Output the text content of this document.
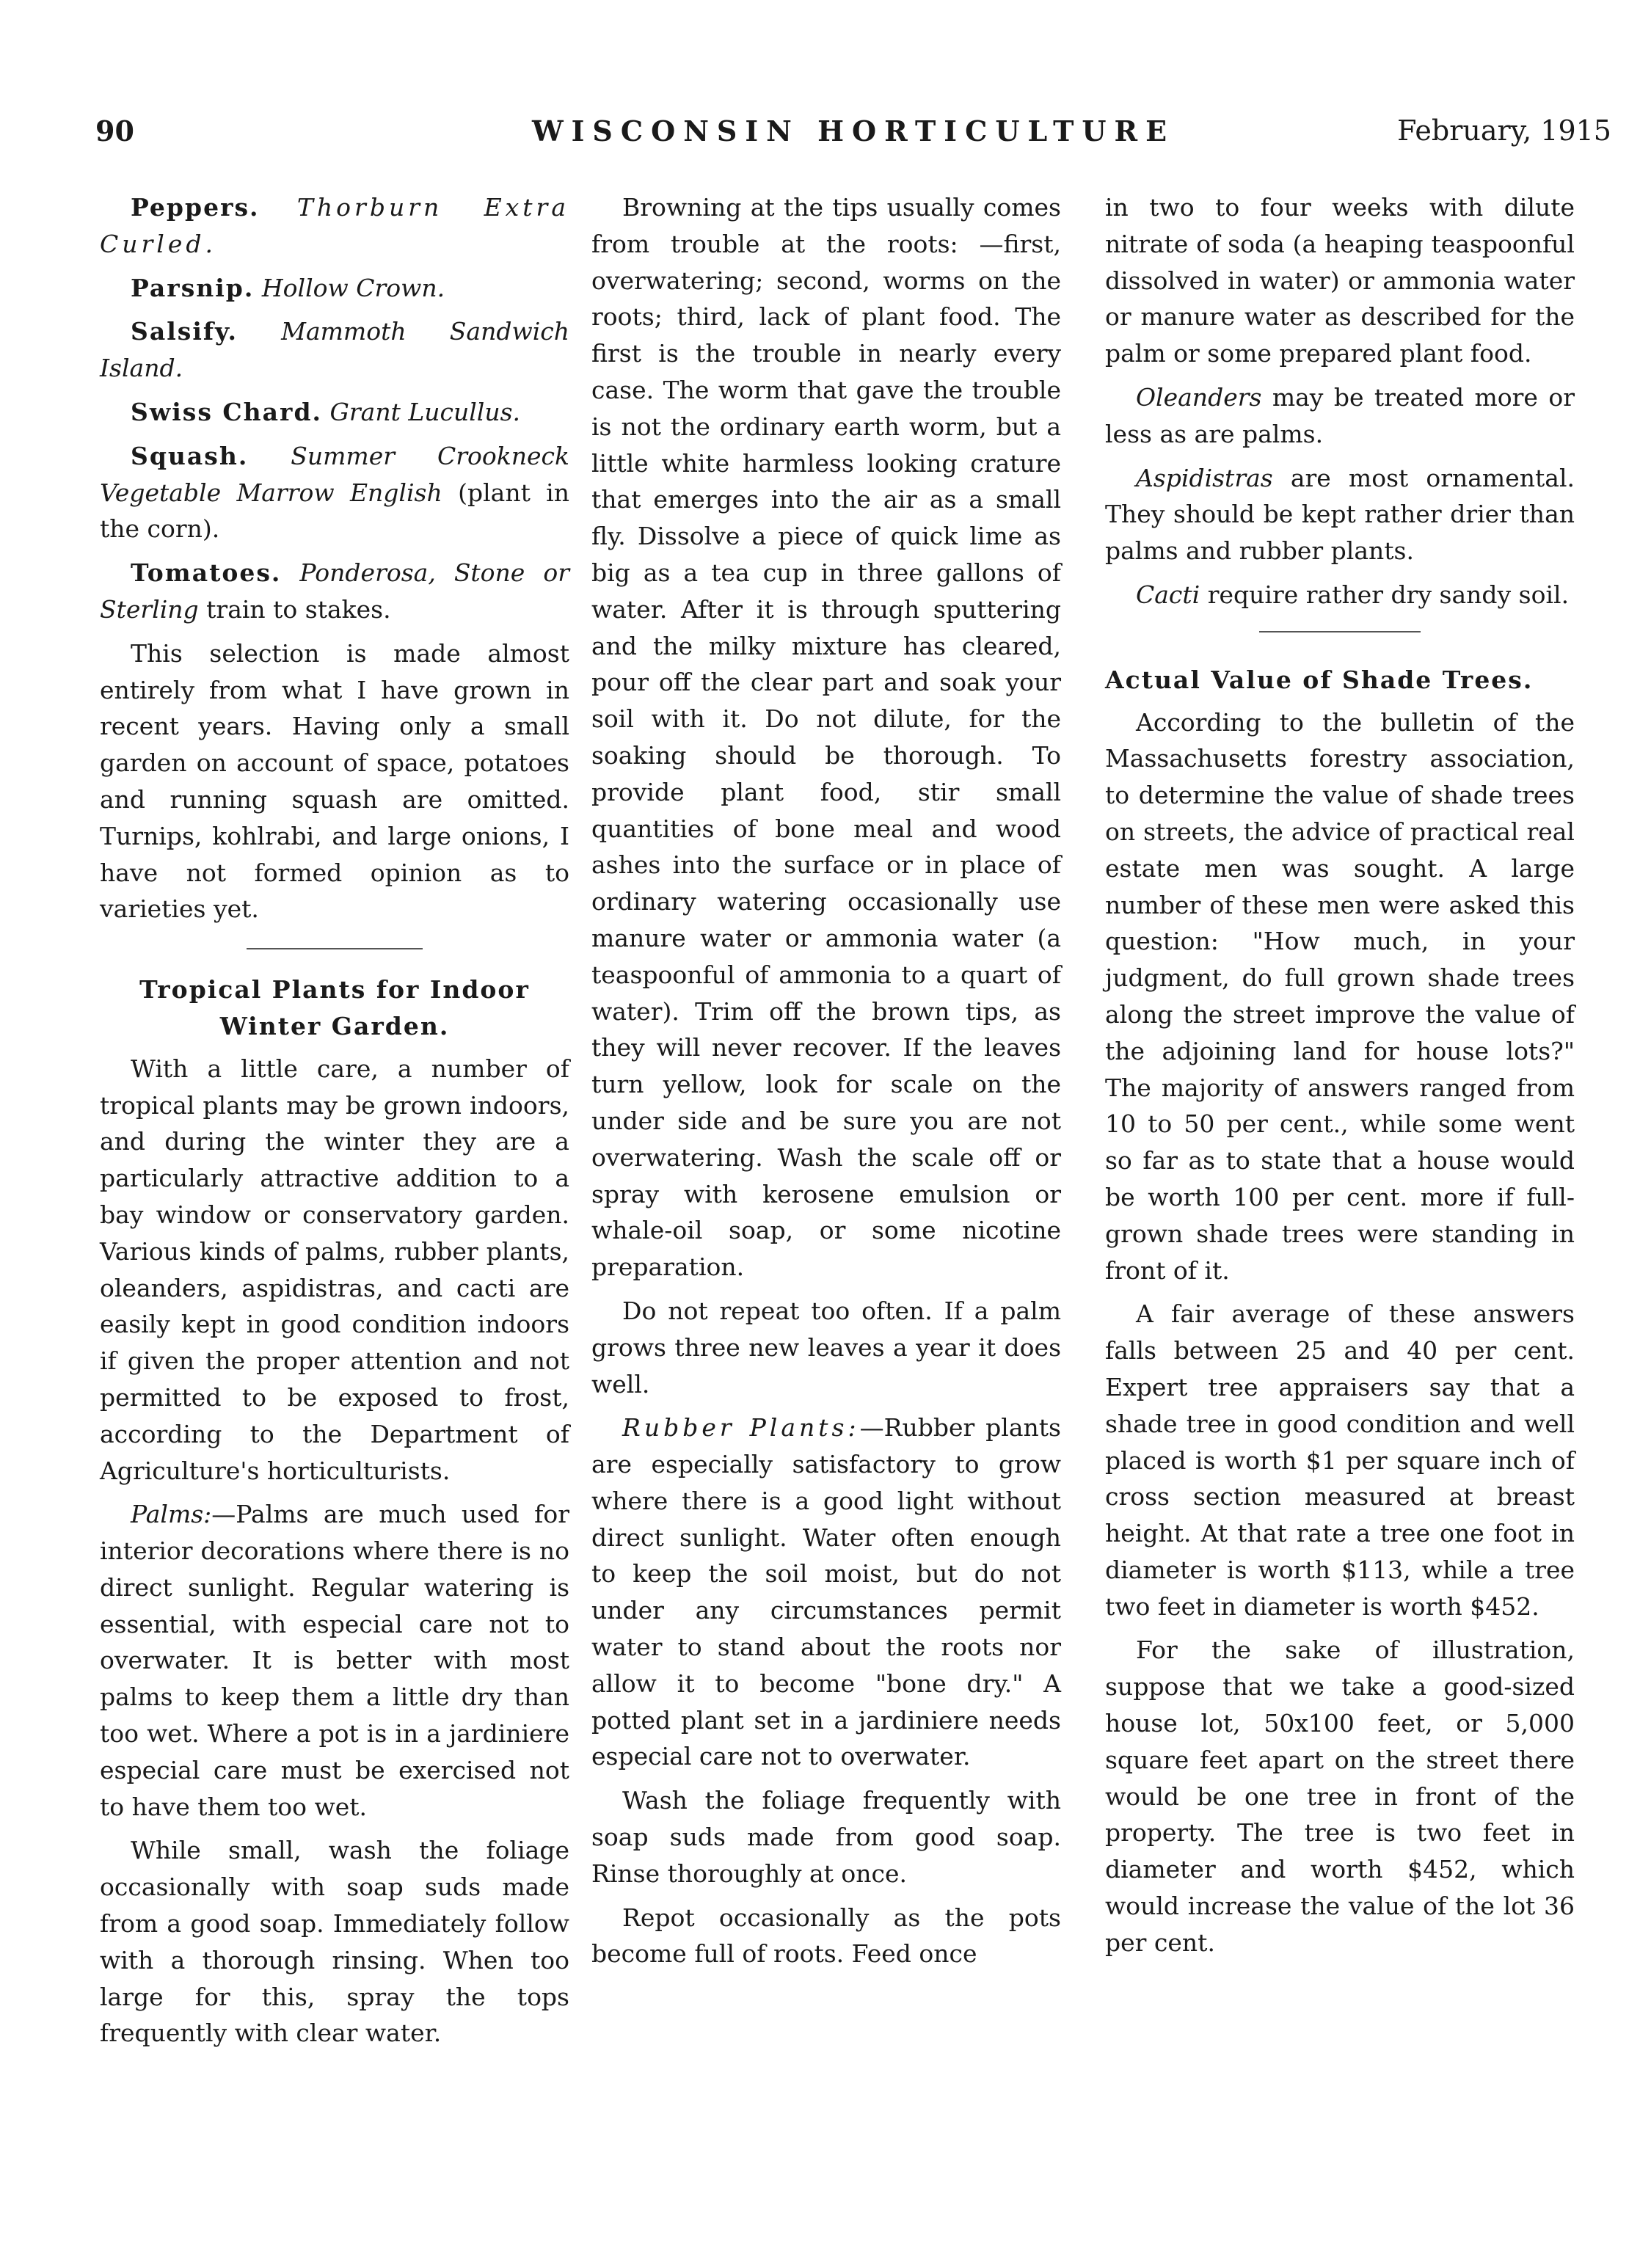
90	WISCONSIN HORTICULTURE	February, 1915

Peppers. Thorburn Extra Curled.

Parsnip. Hollow Crown.

Salsify. Mammoth Sandwich Island.

Swiss Chard. Grant Lucullus.

Squash. Summer Crookneck Vegetable Marrow English (plant in the corn).

Tomatoes. Ponderosa, Stone or Sterling train to stakes.

This selection is made almost entirely from what I have grown in recent years. Having only a small garden on account of space, potatoes and running squash are omitted. Turnips, kohlrabi, and large onions, I have not formed opinion as to varieties yet.

Tropical Plants for Indoor Winter Garden.

With a little care, a number of tropical plants may be grown indoors, and during the winter they are a particularly attractive addition to a bay window or conservatory garden. Various kinds of palms, rubber plants, oleanders, aspidistras, and cacti are easily kept in good condition indoors if given the proper attention and not permitted to be exposed to frost, according to the Department of Agriculture's horticulturists.

Palms:—Palms are much used for interior decorations where there is no direct sunlight. Regular watering is essential, with especial care not to overwater. It is better with most palms to keep them a little dry than too wet. Where a pot is in a jardiniere especial care must be exercised not to have them too wet.

While small, wash the foliage occasionally with soap suds made from a good soap. Immediately follow with a thorough rinsing. When too large for this, spray the tops frequently with clear water.

Browning at the tips usually comes from trouble at the roots: —first, overwatering; second, worms on the roots; third, lack of plant food. The first is the trouble in nearly every case. The worm that gave the trouble is not the ordinary earth worm, but a little white harmless looking crature that emerges into the air as a small fly. Dissolve a piece of quick lime as big as a tea cup in three gallons of water. After it is through sputtering and the milky mixture has cleared, pour off the clear part and soak your soil with it. Do not dilute, for the soaking should be thorough. To provide plant food, stir small quantities of bone meal and wood ashes into the surface or in place of ordinary watering occasionally use manure water or ammonia water (a teaspoonful of ammonia to a quart of water). Trim off the brown tips, as they will never recover. If the leaves turn yellow, look for scale on the under side and be sure you are not overwatering. Wash the scale off or spray with kerosene emulsion or whale-oil soap, or some nicotine preparation.

Do not repeat too often. If a palm grows three new leaves a year it does well.

Rubber Plants:—Rubber plants are especially satisfactory to grow where there is a good light without direct sunlight. Water often enough to keep the soil moist, but do not under any circumstances permit water to stand about the roots nor allow it to become "bone dry." A potted plant set in a jardiniere needs especial care not to overwater.

Wash the foliage frequently with soap suds made from good soap. Rinse thoroughly at once.

Repot occasionally as the pots become full of roots. Feed once

in two to four weeks with dilute nitrate of soda (a heaping teaspoonful dissolved in water) or ammonia water or manure water as described for the palm or some prepared plant food.

Oleanders may be treated more or less as are palms.

Aspidistras are most ornamental. They should be kept rather drier than palms and rubber plants.

Cacti require rather dry sandy soil.

Actual Value of Shade Trees.

According to the bulletin of the Massachusetts forestry association, to determine the value of shade trees on streets, the advice of practical real estate men was sought. A large number of these men were asked this question: "How much, in your judgment, do full grown shade trees along the street improve the value of the adjoining land for house lots?" The majority of answers ranged from 10 to 50 per cent., while some went so far as to state that a house would be worth 100 per cent. more if full-grown shade trees were standing in front of it.

A fair average of these answers falls between 25 and 40 per cent. Expert tree appraisers say that a shade tree in good condition and well placed is worth $1 per square inch of cross section measured at breast height. At that rate a tree one foot in diameter is worth $113, while a tree two feet in diameter is worth $452.

For the sake of illustration, suppose that we take a good-sized house lot, 50x100 feet, or 5,000 square feet apart on the street there would be one tree in front of the property. The tree is two feet in diameter and worth $452, which would increase the value of the lot 36 per cent.
